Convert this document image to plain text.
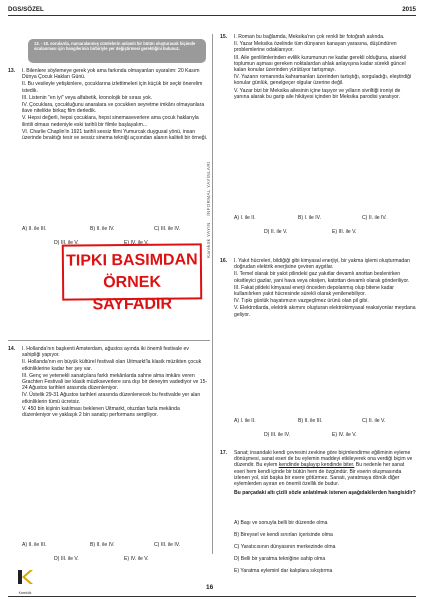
DGS/SÖZEL	2015
13. - 18. sorularda, numaralanmış cümlelerin anlamlı bir bütün oluşturacak biçimde sıralanması için hangilerinin birbiriyle yer değiştirmesi gerektiğini bulunuz.
Karekök YAYIN    İNFORMAL YAYINLARI
13. I. Bilenlere söylemeye gerek yok ama farkında olmayanları uyaralım: 20 Kasım Dünya Çocuk Hakları Günü.
II. Bu vesileyle yetişkinlere, çocuklarına izlettimeleri için küçük bir seçki önerelim istedik.
III. Listenin "en iyi" veya alfabetik, kronolojik bir sırası yok.
IV. Çocuklara, çocukluğunu anaralara ve çocukken seyretme imkânı olmayanlara ilave nitelikte birkaç film derledik.
V. Hepsi değerli, hepsi çocuklara, hepsi sinemaseverlere ama çocuk haklarıyla ilintili olması nedeniyle eski tarihli bir filmle başlayalım...
VI. Charlie Chaplin'in 1921 tarihli sessiz filmi Yumurcak duygusal yönü, insan üzerinde bıraktığı tesir ve sessiz sinema tekniği açısından alanın kaliteli bir örneği.
A) II. ile III.	B) II. ile IV.	C) III. ile IV.
D) III. ile V.	E) IV. ile V.
TIPKI BASIMDAN
ÖRNEK SAYFADIR
14. I. Hollanda'nın başkenti Amsterdam, ağustos ayında iki önemli festivale ev sahipliği yapıyor.
II. Hollanda'nın en büyük kültürel festivali olan Uitmarkt'la klasik müzikten çocuk etkinliklerine kadar her şey var.
III. Genç ve yetenekli sanatçılara farklı mekânlarda sahne alma imkânı veren Grachten Festivali ise klasik müzikseverlere sıra dışı bir deneyim vadediyor ve 15-24 Ağustos tarihleri arasında düzenleniyor.
IV. Üstelik 29-31 Ağustos tarihleri arasında düzenlenecek bu festivalde yer alan etkinliklerin tümü ücretsiz.
V. 450 bin kişinin katılması beklenen Uitmarkt, otuzdan fazla mekânda düzenleniyor ve yaklaşık 2 bin sanatçı performans sergiliyor.
A) II. ile III.	B) II. ile IV.	C) III. ile IV.
D) III. ile V.	E) IV. ile V.
15. I. Roman bu bağlamda, Meksika'nın çok renkli bir fotoğrafı aslında.
II. Yazar Meksika özelinde tüm dünyanın kanayan yarasına, düşündüren problemlerine odaklanıyor.
III. Aile genlilimlerinden evlilik kurumunun ne kadar gerekli olduğuna, ataerkil toplumun aşması gereken noktalardan ahlak anlayışına kadar sürekli güncel kalan konular üzerinden yürütüyor tartışmayı.
IV. Yazarın romanında kahramanları üzerinden tartıştığı, sorguladığı, eleştirdiği konular günlük, genelgeçer olgular üzerine değil.
V. Yazar bizi bir Meksika ailesinin içine taşıyor ve yılların sivriltiği ironiyi de yanına alarak bu garip aile hikâyesi içinden bir Meksika parodisi yaratıyor.
A) I. ile II.	B) I. ile IV.	C) II. ile IV.
D) II. ile V.	E) III. ile V.
16. I. Yakıt hücreleri, bildiğiği gibi kimyasal enerjiyi, bir yakma işlemi oluşturmadan doğrudan elektrik enerjisine çeviren aygıtlar.
II. Temel olarak bir yakıt pilindeki gaz yakıtlar devamlı anottan beslenirken oksitleyici gazlar, yani hava veya oksijen, katottan devamlı olarak gönderiliyor.
III. Fakat pildeki kimyasal enerji önceden depolanmış olup bitene kadar kullanılırken yakıt hücresinde sürekli olarak yenilenebiliyor.
IV. Tıpkı günlük hayatımızın vazgeçilmez ürünü olan pil gibi.
V. Elektrotlarda, elektrik akımını oluşturan elektrokimyasal reaksiyonlar meydana geliyor.
A) I. ile II.	B) II. ile III.	C) II. ile V.
D) III. ile IV.	E) IV. ile V.
17. Sanat; insandaki kendi çevresini zevkine göre biçimlendirme eğiliminin eyleme dönüşmesi, sanat eseri de bu eylemin maddeyi etkileyerek ona verdiği biçim ve düzendir. Bu eylem kendinde başlayıp kendinde biter. Bu nedenle her sanat eseri hem kendi içinde bir bütün hem de özgündür. Bir eserin oluşmasında izlenen yol, sizi başka bir esere götürmez. Sanatı, yaratmaya dönük diğer eylemlerden ayıran en önemli özellik de budur.
Bu parçadaki altı çizili sözle anlatılmak istenen aşağıdakilerden hangisidir?
A) Başı ve sonuyla belli bir düzende olma
B) Bireysel ve kendi sınırları içerisinde olma
C) Yaratıcısının dünyasının merkezinde olma
D) Belli bir yaratma tekniğine sahip olma
E) Yaratma eyleminl dar kalıplara sıkıştırma
Karekök
16
